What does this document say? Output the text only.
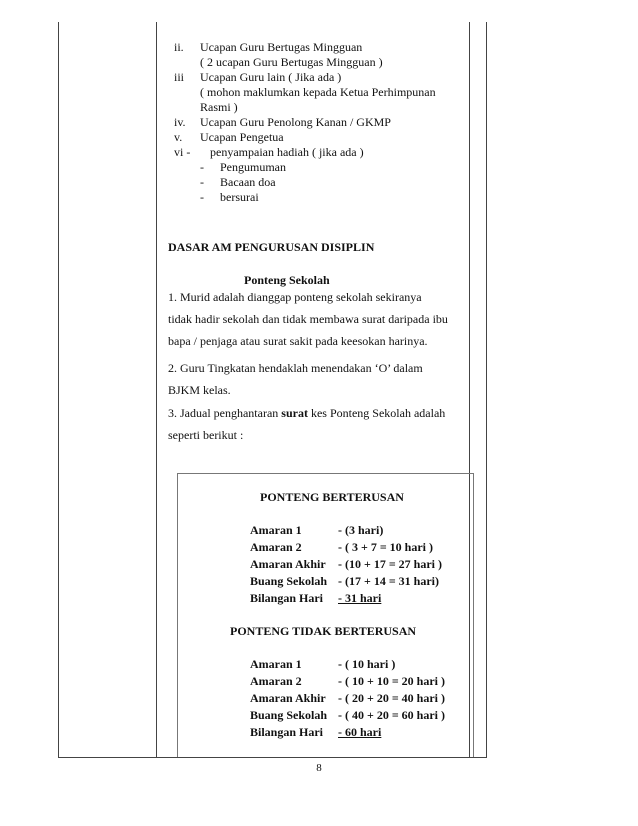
ii. Ucapan Guru Bertugas Mingguan
( 2 ucapan Guru Bertugas Mingguan )
iii Ucapan Guru lain ( Jika ada )
( mohon maklumkan kepada Ketua Perhimpunan
Rasmi )
iv. Ucapan Guru Penolong Kanan / GKMP
v. Ucapan Pengetua
vi - penyampaian hadiah ( jika ada )
- Pengumuman
- Bacaan doa
- bersurai
DASAR AM PENGURUSAN DISIPLIN
Ponteng Sekolah
1. Murid adalah dianggap ponteng sekolah sekiranya
tidak hadir sekolah dan tidak membawa surat daripada ibu
bapa / penjaga atau surat sakit pada keesokan harinya.
2. Guru Tingkatan hendaklah menendakan ‘O’ dalam
BJKM kelas.
3. Jadual penghantaran surat kes Ponteng Sekolah adalah
seperti berikut :
PONTENG BERTERUSAN
Amaran 1	- (3 hari)
Amaran 2	- ( 3 + 7 = 10 hari )
Amaran Akhir - (10 + 17 = 27 hari )
Buang Sekolah - (17 + 14 = 31 hari)
Bilangan Hari - 31 hari
PONTENG TIDAK BERTERUSAN
Amaran 1	- ( 10 hari )
Amaran 2	- ( 10 + 10 = 20 hari )
Amaran Akhir - ( 20 + 20 = 40 hari )
Buang Sekolah - ( 40 + 20 = 60 hari )
Bilangan Hari - 60 hari
8
